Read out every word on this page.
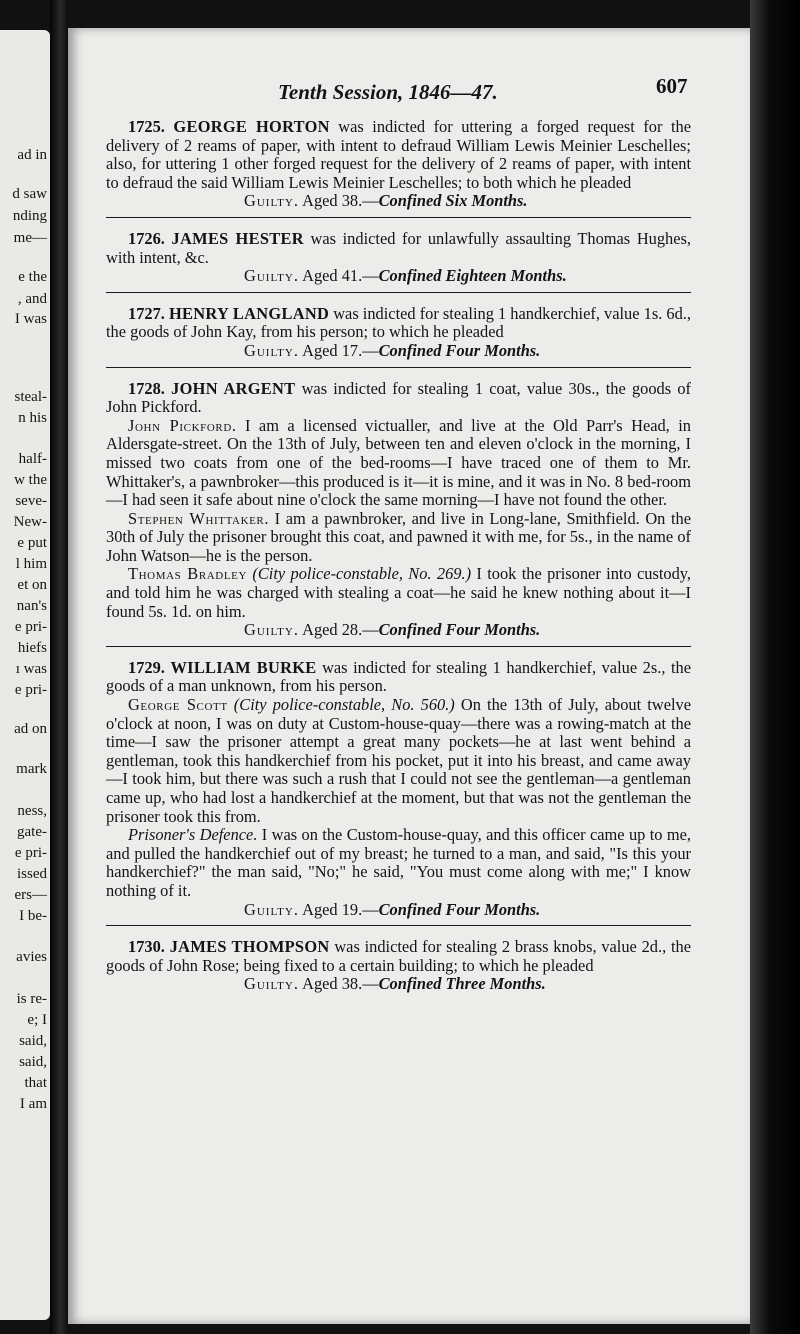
ad in
d saw
nding
me—
e the
, and
I was
steal-
n his
half-
w the
seve-
New-
e put
l him
et on
nan's
e pri-
hiefs
ı was
e pri-
ad on
mark
ness,
gate-
e pri-
issed
ers—
I be-
avies
is re-
e; I
said,
said,
that
I am
Tenth Session, 1846—47.	607

1725. GEORGE HORTON was indicted for uttering a forged request for the delivery of 2 reams of paper, with intent to defraud William Lewis Meinier Leschelles; also, for uttering 1 other forged request for the delivery of 2 reams of paper, with intent to defraud the said William Lewis Meinier Leschelles; to both which he pleaded

Guilty. Aged 38.—Confined Six Months.

1726. JAMES HESTER was indicted for unlawfully assaulting Thomas Hughes, with intent, &c.

Guilty. Aged 41.—Confined Eighteen Months.

1727. HENRY LANGLAND was indicted for stealing 1 handkerchief, value 1s. 6d., the goods of John Kay, from his person; to which he pleaded

Guilty. Aged 17.—Confined Four Months.

1728. JOHN ARGENT was indicted for stealing 1 coat, value 30s., the goods of John Pickford.

John Pickford. I am a licensed victualler, and live at the Old Parr's Head, in Aldersgate-street. On the 13th of July, between ten and eleven o'clock in the morning, I missed two coats from one of the bed-rooms—I have traced one of them to Mr. Whittaker's, a pawnbroker—this produced is it—it is mine, and it was in No. 8 bed-room—I had seen it safe about nine o'clock the same morning—I have not found the other.

Stephen Whittaker. I am a pawnbroker, and live in Long-lane, Smithfield. On the 30th of July the prisoner brought this coat, and pawned it with me, for 5s., in the name of John Watson—he is the person.

Thomas Bradley (City police-constable, No. 269.) I took the prisoner into custody, and told him he was charged with stealing a coat—he said he knew nothing about it—I found 5s. 1d. on him.

Guilty. Aged 28.—Confined Four Months.

1729. WILLIAM BURKE was indicted for stealing 1 handkerchief, value 2s., the goods of a man unknown, from his person.

George Scott (City police-constable, No. 560.) On the 13th of July, about twelve o'clock at noon, I was on duty at Custom-house-quay—there was a rowing-match at the time—I saw the prisoner attempt a great many pockets—he at last went behind a gentleman, took this handkerchief from his pocket, put it into his breast, and came away—I took him, but there was such a rush that I could not see the gentleman—a gentleman came up, who had lost a handkerchief at the moment, but that was not the gentleman the prisoner took this from.

Prisoner's Defence. I was on the Custom-house-quay, and this officer came up to me, and pulled the handkerchief out of my breast; he turned to a man, and said, "Is this your handkerchief?" the man said, "No;" he said, "You must come along with me;" I know nothing of it.

Guilty. Aged 19.—Confined Four Months.

1730. JAMES THOMPSON was indicted for stealing 2 brass knobs, value 2d., the goods of John Rose; being fixed to a certain building; to which he pleaded

Guilty. Aged 38.—Confined Three Months.
